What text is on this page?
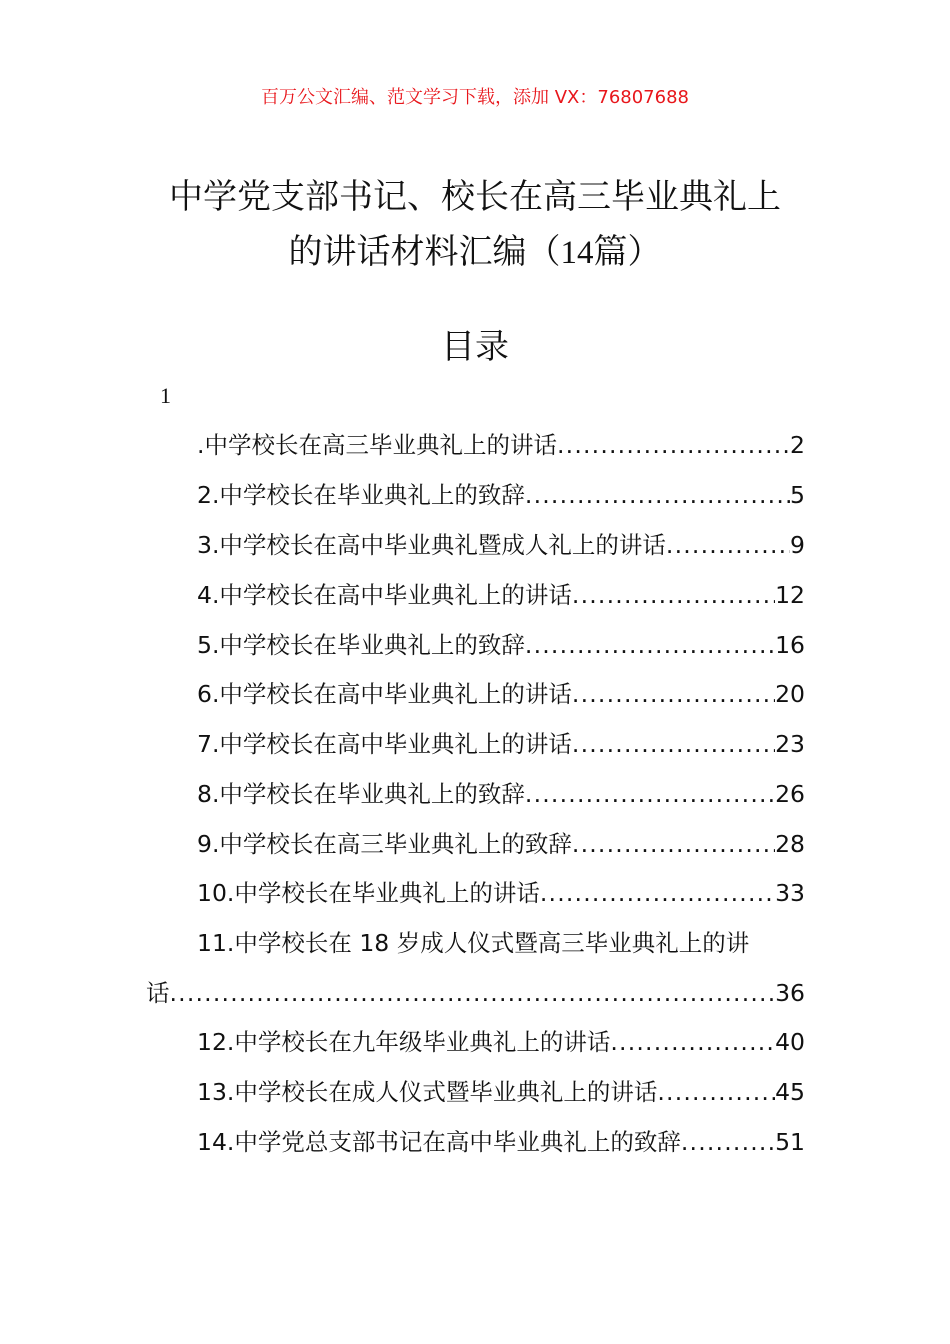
百万公文汇编、范文学习下载，添加 VX：76807688
中学党支部书记、校长在高三毕业典礼上
的讲话材料汇编（14篇）
目录
1
.中学校长在高三毕业典礼上的讲话 .....	2
2.中学校长在毕业典礼上的致辞 .....	5
3.中学校长在高中毕业典礼暨成人礼上的讲话 .....	9
4.中学校长在高中毕业典礼上的讲话 .....	12
5.中学校长在毕业典礼上的致辞 .....	16
6.中学校长在高中毕业典礼上的讲话 .....	20
7.中学校长在高中毕业典礼上的讲话 .....	23
8.中学校长在毕业典礼上的致辞 .....	26
9.中学校长在高三毕业典礼上的致辞 .....	28
10.中学校长在毕业典礼上的讲话 .....	33
11.中学校长在 18 岁成人仪式暨高三毕业典礼上的讲
话 .....	36
12.中学校长在九年级毕业典礼上的讲话 .....	40
13.中学校长在成人仪式暨毕业典礼上的讲话 .....	45
14.中学党总支部书记在高中毕业典礼上的致辞 .....	51
